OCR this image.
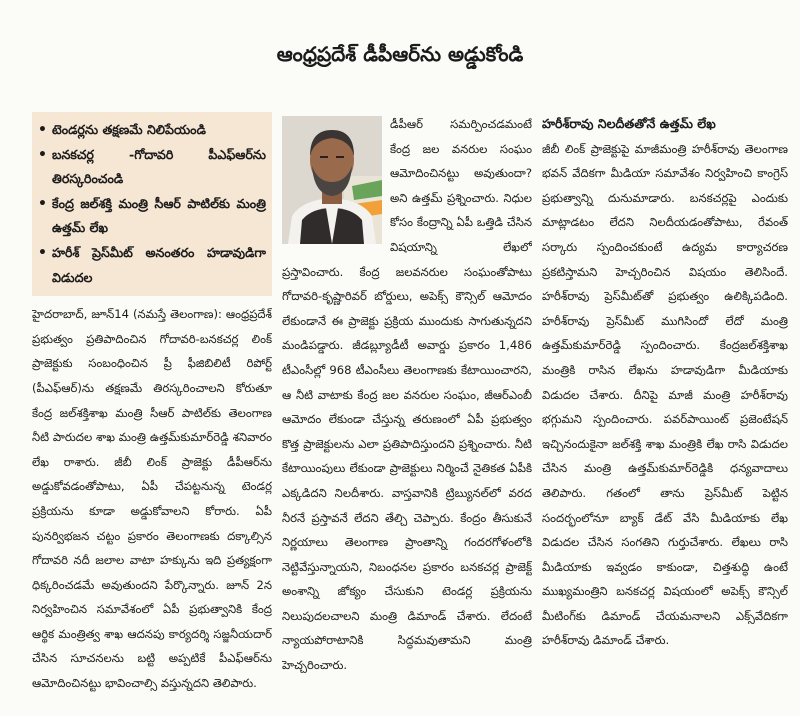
ఆంధ్రప్రదేశ్ డీపీఆర్‌ను అడ్డుకోండి
• టెండర్లను తక్షణమే నిలిపేయండి
• బనకచర్ల -గోదావరి పీఎఫ్ఆర్‌ను తిరస్కరించండి
• కేంద్ర జల్‌శక్తి మంత్రి సీఆర్ పాటిల్‌కు మంత్రి ఉత్తమ్ లేఖ
• హరీశ్ ప్రెస్‌మీట్ అనంతరం హడావుడిగా విడుదల

హైదరాబాద్, జూన్14 (నమస్తే తెలంగాణ): ఆంధ్రప్రదేశ్ ప్రభుత్వం ప్రతిపాదించిన గోదావరి-బనకచర్ల లింక్ ప్రాజెక్టుకు సంబంధించిన ప్రీ ఫీజిబిలిటీ రిపోర్ట్ (పీఎఫ్ఆర్)ను తక్షణమే తిరస్కరించాలని కోరుతూ కేంద్ర జల్‌శక్తిశాఖ మంత్రి సీఆర్ పాటిల్‌కు తెలంగాణ నీటి పారుదల శాఖ మంత్రి ఉత్తమ్‌కుమార్‌రెడ్డి శనివారం లేఖ రాశారు. జీబీ లింక్ ప్రాజెక్టు డీపీఆర్‌ను అడ్డుకోవడంతోపాటు, ఏపీ చేపట్టనున్న టెండర్ల ప్రక్రియను కూడా అడ్డుకోవాలని కోరారు. ఏపీ పునర్విభజన చట్టం ప్రకారం తెలంగాణకు దక్కాల్సిన గోదావరి నదీ జలాల వాటా హక్కును ఇది ప్రత్యక్షంగా ధిక్కరించడమే అవుతుందని పేర్కొన్నారు. జూన్ 2న నిర్వహించిన సమావేశంలో ఏపీ ప్రభుత్వానికి కేంద్ర ఆర్థిక మంత్రిత్వ శాఖ ఆదనపు కార్యదర్శి సజ్జనీయదార్ చేసిన సూచనలను బట్టి అప్పటికే పీఎఫ్ఆర్‌ను ఆమోదించినట్టు భావించాల్సి వస్తున్నదని తెలిపారు.

డీపీఆర్ సమర్పించడమంటే కేంద్ర జల వనరుల సంఘం ఆమోదించినట్టు అవుతుందా? అని ఉత్తమ్ ప్రశ్నించారు. నిధుల కోసం కేంద్రాన్ని ఏపీ ఒత్తిడి చేసిన విషయాన్ని లేఖలో ప్రస్తావించారు. కేంద్ర జలవనరుల సంఘంతోపాటు గోదావరి-కృష్ణారివర్ బోర్డులు, అపెక్స్ కౌన్సిల్ ఆమోదం లేకుండానే ఈ ప్రాజెక్టు ప్రక్రియ ముందుకు సాగుతున్నదని మండిపడ్డారు. జీడబ్ల్యూడీటీ అవార్డు ప్రకారం 1,486 టీఎంసీల్లో 968 టీఎంసీలు తెలంగాణకు కేటాయించారని, ఆ నీటి వాటాకు కేంద్ర జల వనరుల సంఘం, జీఆర్ఎంబీ ఆమోదం లేకుండా చేస్తున్న తరుణంలో ఏపీ ప్రభుత్వం కొత్త ప్రాజెక్టులను ఎలా ప్రతిపాదిస్తుందని ప్రశ్నించారు. నీటి కేటాయింపులు లేకుండా ప్రాజెక్టులు నిర్మించే నైతికత ఏపీకి ఎక్కడిదని నిలదీశారు. వాస్తవానికి ట్రిబ్యునల్‌లో వరద నీరనే ప్రస్తావనే లేదని తేల్చి చెప్పారు. కేంద్రం తీసుకునే నిర్ణయాలు తెలంగాణ ప్రాంతాన్ని గందరగోళంలోకి నెట్టివేస్తున్నాయని, నిబంధనల ప్రకారం బనకచర్ల ప్రాజెక్ట్ అంశాన్ని జోక్యం చేసుకుని టెండర్ల ప్రక్రియను నిలుపుదలచాలని మంత్రి డిమాండ్ చేశారు. లేదంటే న్యాయపోరాటానికి సిద్ధమవుతామని మంత్రి హెచ్చరించారు.

హరీశ్‌రావు నిలదీతతోనే ఉత్తమ్ లేఖ

జీబీ లింక్ ప్రాజెక్టుపై మాజీమంత్రి హరీశ్‌రావు తెలంగాణ భవన్ వేదికగా మీడియా సమావేశం నిర్వహించి కాంగ్రెస్ ప్రభుత్వాన్ని దునుమాడారు. బనకచర్లపై ఎందుకు మాట్లాడటం లేదని నిలదీయడంతోపాటు, రేవంత్ సర్కారు స్పందించకుంటే ఉద్యమ కార్యాచరణ ప్రకటిస్తామని హెచ్చరించిన విషయం తెలిసిందే. హరీశ్‌రావు ప్రెస్‌మీట్‌తో ప్రభుత్వం ఉలిక్కిపడింది. హరీశ్‌రావు ప్రెస్‌మీట్ ముగిసిందో లేదో మంత్రి ఉత్తమ్‌కుమార్‌రెడ్డి స్పందించారు. కేంద్రజల్‌శక్తిశాఖ మంత్రికి రాసిన లేఖను హడావుడిగా మీడియాకు విడుదల చేశారు. దీనిపై మాజీ మంత్రి హరీశ్‌రావు భగ్గుమని స్పందించారు. పవర్‌పాయింట్ ప్రజెంటేషన్ ఇచ్చినందుకైనా జల్‌శక్తి శాఖ మంత్రికి లేఖ రాసి విడుదల చేసిన మంత్రి ఉత్తమ్‌కుమార్‌రెడ్డికి ధన్యవాదాలు తెలిపారు. గతంలో తాను ప్రెస్‌మీట్ పెట్టిన సందర్భంలోనూ బ్యాక్ డేట్ వేసి మీడియాకు లేఖ విడుదల చేసిన సంగతిని గుర్తుచేశారు. లేఖలు రాసి మీడియాకు ఇవ్వడం కాకుండా, చిత్తశుద్ధి ఉంటే ముఖ్యమంత్రిని బనకచర్ల విషయంలో అపెక్స్ కౌన్సిల్ మీటింగ్‌కు డిమాండ్ చేయమనాలని ఎక్స్‌వేదికగా హరీశ్‌రావు డిమాండ్ చేశారు.
